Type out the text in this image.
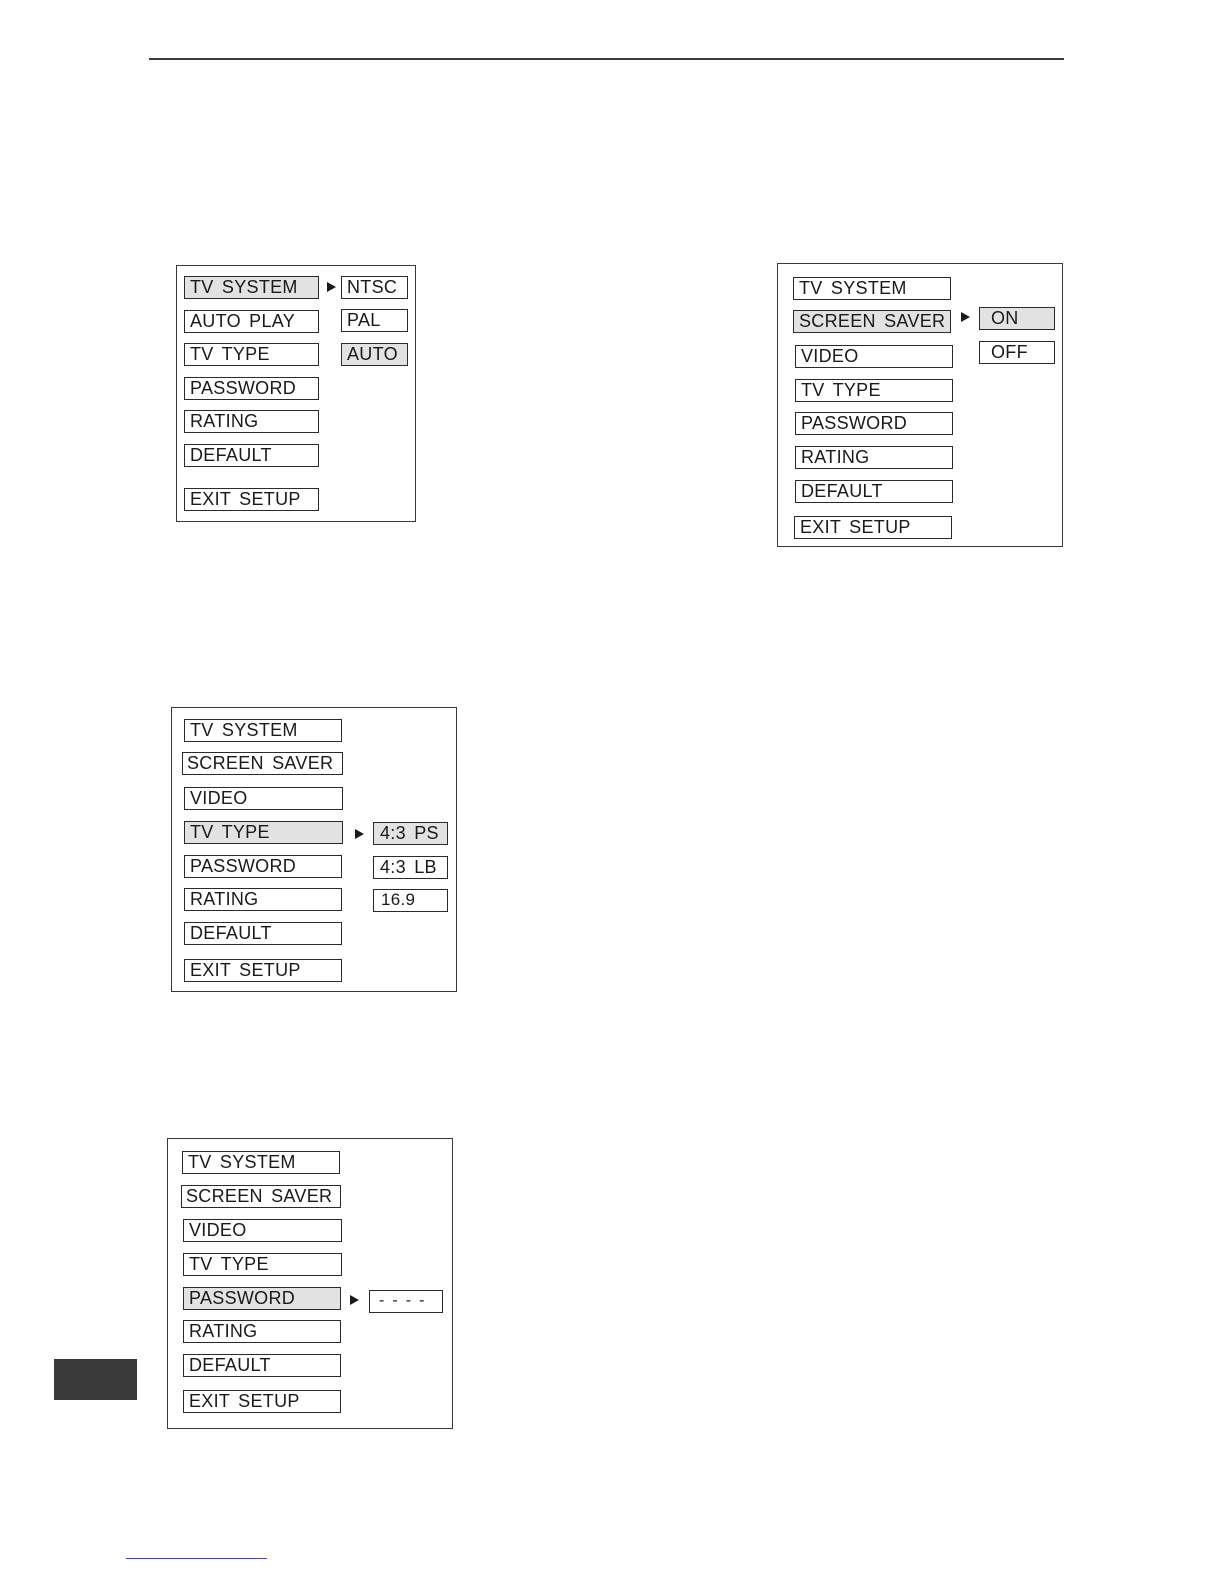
TV SYSTEM
AUTO PLAY
TV TYPE
PASSWORD
RATING
DEFAULT
EXIT SETUP
NTSC
PAL
AUTO
TV SYSTEM
SCREEN SAVER
VIDEO
TV TYPE
PASSWORD
RATING
DEFAULT
EXIT SETUP
ON
OFF
TV SYSTEM
SCREEN SAVER
VIDEO
TV TYPE
PASSWORD
RATING
DEFAULT
EXIT SETUP
4:3 PS
4:3 LB
16.9
TV SYSTEM
SCREEN SAVER
VIDEO
TV TYPE
PASSWORD
RATING
DEFAULT
EXIT SETUP
- - - -
